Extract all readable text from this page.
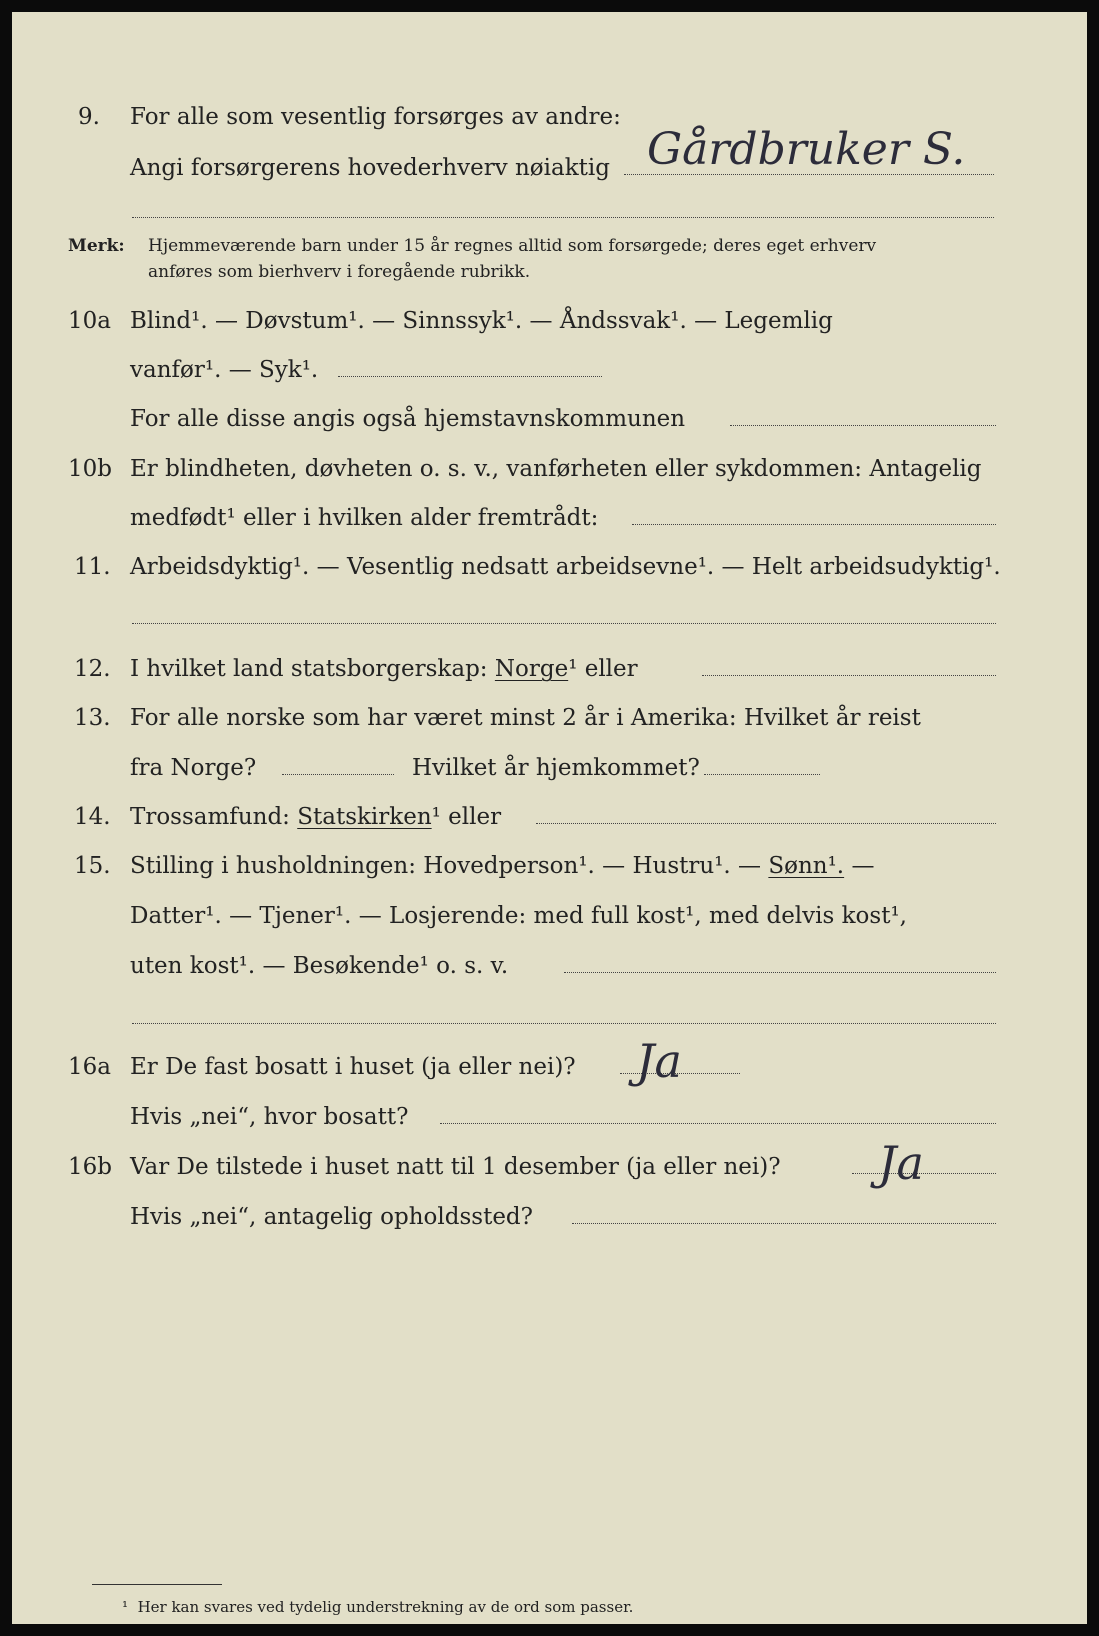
9. For alle som vesentlig forsørges av andre:
Angi forsørgerens hovederhverv nøiaktig Gårdbruker S.
Merk: Hjemmeværende barn under 15 år regnes alltid som forsørgede; deres eget erhverv
anføres som bierhverv i foregående rubrikk.
10a Blind¹. — Døvstum¹. — Sinnssyk¹. — Åndssvak¹. — Legemlig
vanfør¹. — Syk¹.
For alle disse angis også hjemstavnskommunen
10b Er blindheten, døvheten o. s. v., vanførheten eller sykdommen: Antagelig
medfødt¹ eller i hvilken alder fremtrådt:
11. Arbeidsdyktig¹. — Vesentlig nedsatt arbeidsevne¹. — Helt arbeidsudyktig¹.
12. I hvilket land statsborgerskap: Norge¹ eller
13. For alle norske som har været minst 2 år i Amerika: Hvilket år reist
fra Norge?	Hvilket år hjemkommet?
14. Trossamfund: Statskirken¹ eller
15. Stilling i husholdningen: Hovedperson¹. — Hustru¹. — Sønn¹. —
Datter¹. — Tjener¹. — Losjerende: med full kost¹, med delvis kost¹,
uten kost¹. — Besøkende¹ o. s. v.
16a Er De fast bosatt i huset (ja eller nei)? Ja
Hvis „nei“, hvor bosatt?
16b Var De tilstede i huset natt til 1 desember (ja eller nei)? Ja
Hvis „nei“, antagelig opholdssted?
¹ Her kan svares ved tydelig understrekning av de ord som passer.
